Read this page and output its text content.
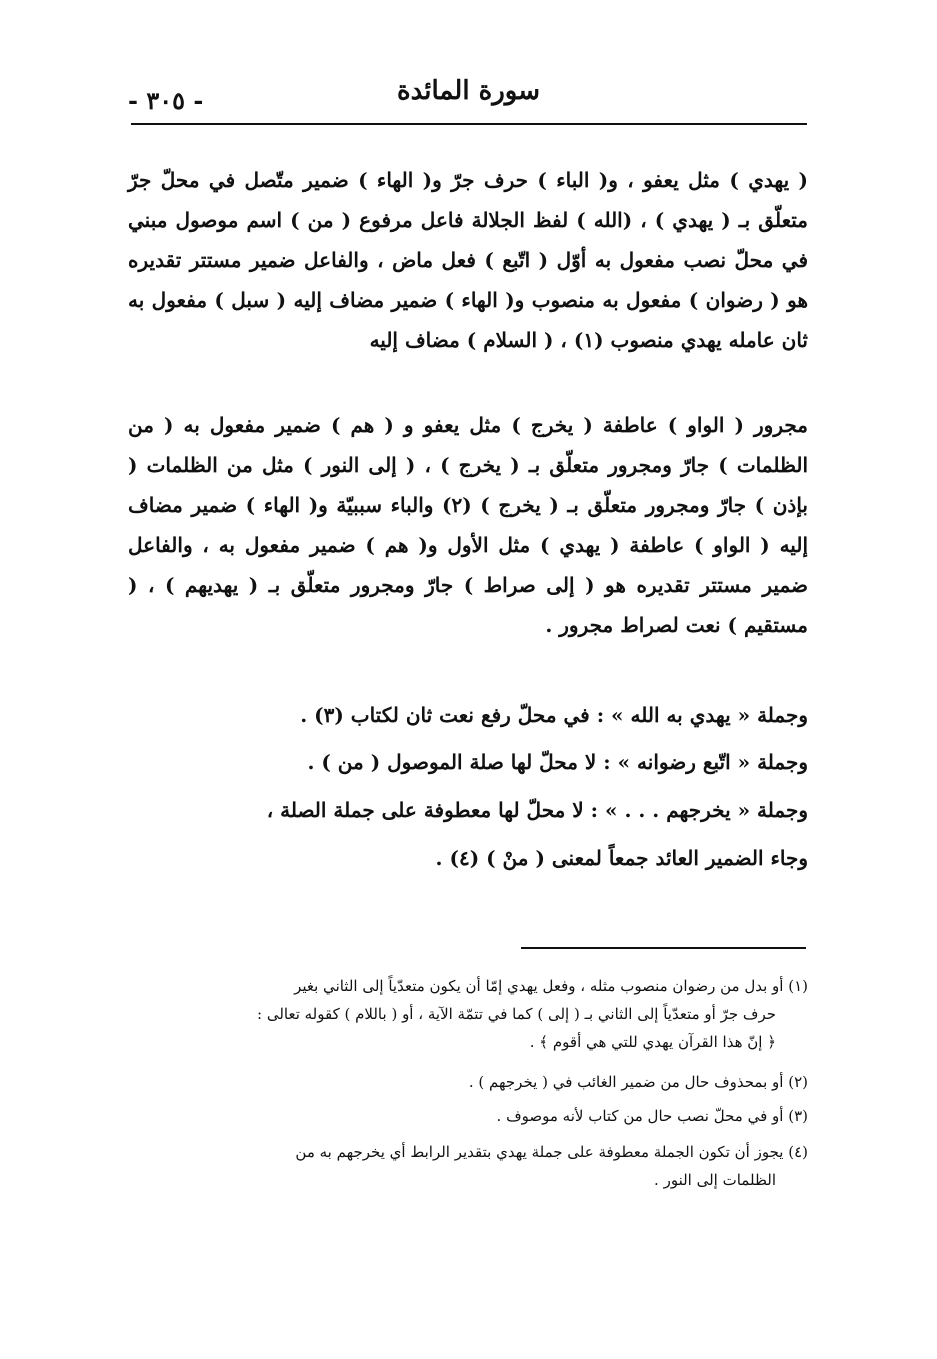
سورة المائدة
- ٣٠٥ -

( يهدي ) مثل يعفو ، و( الباء ) حرف جرّ و( الهاء ) ضمير متّصل في محلّ جرّ متعلّق بـ ( يهدي ) ، (الله ) لفظ الجلالة فاعل مرفوع ( من ) اسم موصول مبني في محلّ نصب مفعول به أوّل ( اتّبع ) فعل ماض ، والفاعل ضمير مستتر تقديره هو ( رضوان ) مفعول به منصوب و( الهاء ) ضمير مضاف إليه ( سبل ) مفعول به ثان عامله يهدي منصوب (١) ، ( السلام ) مضاف إليه

مجرور ( الواو ) عاطفة ( يخرج ) مثل يعفو و ( هم ) ضمير مفعول به ( من الظلمات ) جارّ ومجرور متعلّق بـ ( يخرج ) ، ( إلى النور ) مثل من الظلمات ( بإذن ) جارّ ومجرور متعلّق بـ ( يخرج ) (٢) والباء سببيّة و( الهاء ) ضمير مضاف إليه ( الواو ) عاطفة ( يهدي ) مثل الأول و( هم ) ضمير مفعول به ، والفاعل ضمير مستتر تقديره هو ( إلى صراط ) جارّ ومجرور متعلّق بـ ( يهديهم ) ، ( مستقيم ) نعت لصراط مجرور .

وجملة « يهدي به الله » : في محلّ رفع نعت ثان لكتاب (٣) .

وجملة « اتّبع رضوانه » : لا محلّ لها صلة الموصول ( من ) .

وجملة « يخرجهم . . . » : لا محلّ لها معطوفة على جملة الصلة ،

وجاء الضمير العائد جمعاً لمعنى ( منْ ) (٤) .

(١) أو بدل من رضوان منصوب مثله ، وفعل يهدي إمّا أن يكون متعدّياً إلى الثاني بغير
حرف جرّ أو متعدّياً إلى الثاني بـ ( إلى ) كما في تتمّة الآية ، أو ( باللام ) كقوله تعالى :
﴿ إنّ هذا القرآن يهدي للتي هي أقوم ﴾ .
(٢) أو بمحذوف حال من ضمير الغائب في ( يخرجهم ) .
(٣) أو في محلّ نصب حال من كتاب لأنه موصوف .
(٤) يجوز أن تكون الجملة معطوفة على جملة يهدي بتقدير الرابط أي يخرجهم به من
الظلمات إلى النور .
